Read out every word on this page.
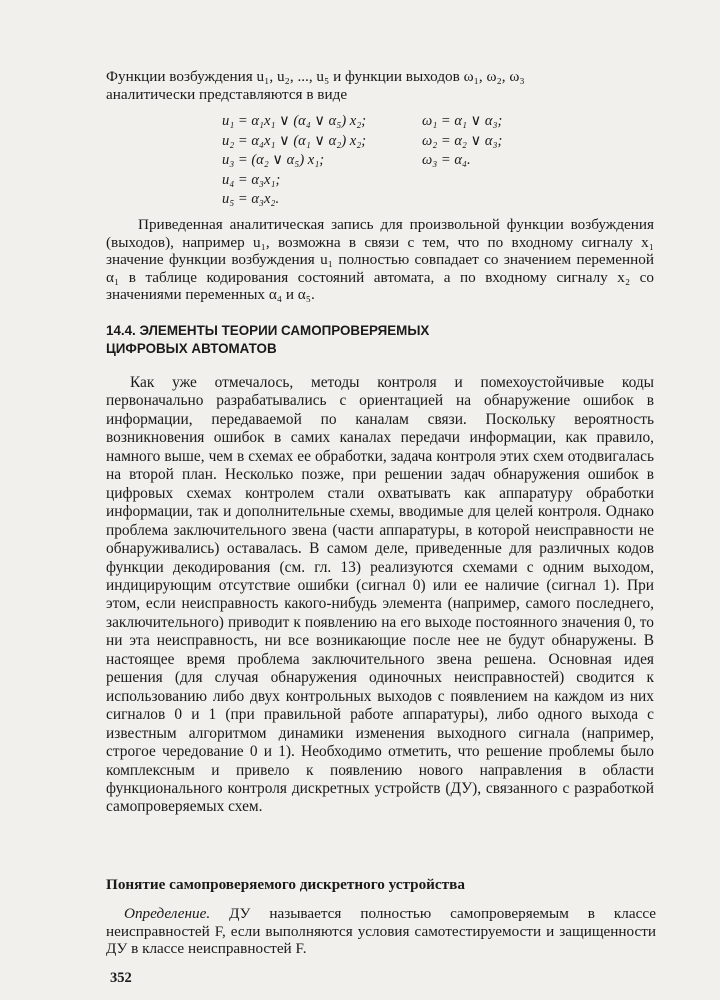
Функции возбуждения u₁, u₂, ..., u₅ и функции выходов ω₁, ω₂, ω₃
аналитически представляются в виде

u₁ = α₁x₁ ∨ (α₄ ∨ α₅) x₂;	ω₁ = α₁ ∨ α₃;
u₂ = α₄x₁ ∨ (α₁ ∨ α₂) x₂;	ω₂ = α₂ ∨ α₃;
u₃ = (α₂ ∨ α₅) x₁;	ω₃ = α₄.
u₄ = α₃x₁;
u₅ = α₃x₂.

Приведенная аналитическая запись для произвольной функции возбуждения (выходов), например u₁, возможна в связи с тем, что по входному сигналу x₁ значение функции возбуждения u₁ полностью совпадает со значением переменной α₁ в таблице кодирования состояний автомата, а по входному сигналу x₂ со значениями переменных α₄ и α₅.

14.4. ЭЛЕМЕНТЫ ТЕОРИИ САМОПРОВЕРЯЕМЫХ
ЦИФРОВЫХ АВТОМАТОВ

Как уже отмечалось, методы контроля и помехоустойчивые коды первоначально разрабатывались с ориентацией на обнаружение ошибок в информации, передаваемой по каналам связи. Поскольку вероятность возникновения ошибок в самих каналах передачи информации, как правило, намного выше, чем в схемах ее обработки, задача контроля этих схем отодвигалась на второй план. Несколько позже, при решении задач обнаружения ошибок в цифровых схемах контролем стали охватывать как аппаратуру обработки информации, так и дополнительные схемы, вводимые для целей контроля. Однако проблема заключительного звена (части аппаратуры, в которой неисправности не обнаруживались) оставалась. В самом деле, приведенные для различных кодов функции декодирования (см. гл. 13) реализуются схемами с одним выходом, индицирующим отсутствие ошибки (сигнал 0) или ее наличие (сигнал 1). При этом, если неисправность какого-нибудь элемента (например, самого последнего, заключительного) приводит к появлению на его выходе постоянного значения 0, то ни эта неисправность, ни все возникающие после нее не будут обнаружены. В настоящее время проблема заключительного звена решена. Основная идея решения (для случая обнаружения одиночных неисправностей) сводится к использованию либо двух контрольных выходов с появлением на каждом из них сигналов 0 и 1 (при правильной работе аппаратуры), либо одного выхода с известным алгоритмом динамики изменения выходного сигнала (например, строгое чередование 0 и 1). Необходимо отметить, что решение проблемы было комплексным и привело к появлению нового направления в области функционального контроля дискретных устройств (ДУ), связанного с разработкой самопроверяемых схем.

Понятие самопроверяемого дискретного устройства

Определение. ДУ называется полностью самопроверяемым в классе неисправностей F, если выполняются условия самотестируемости и защищенности ДУ в классе неисправностей F.

352
